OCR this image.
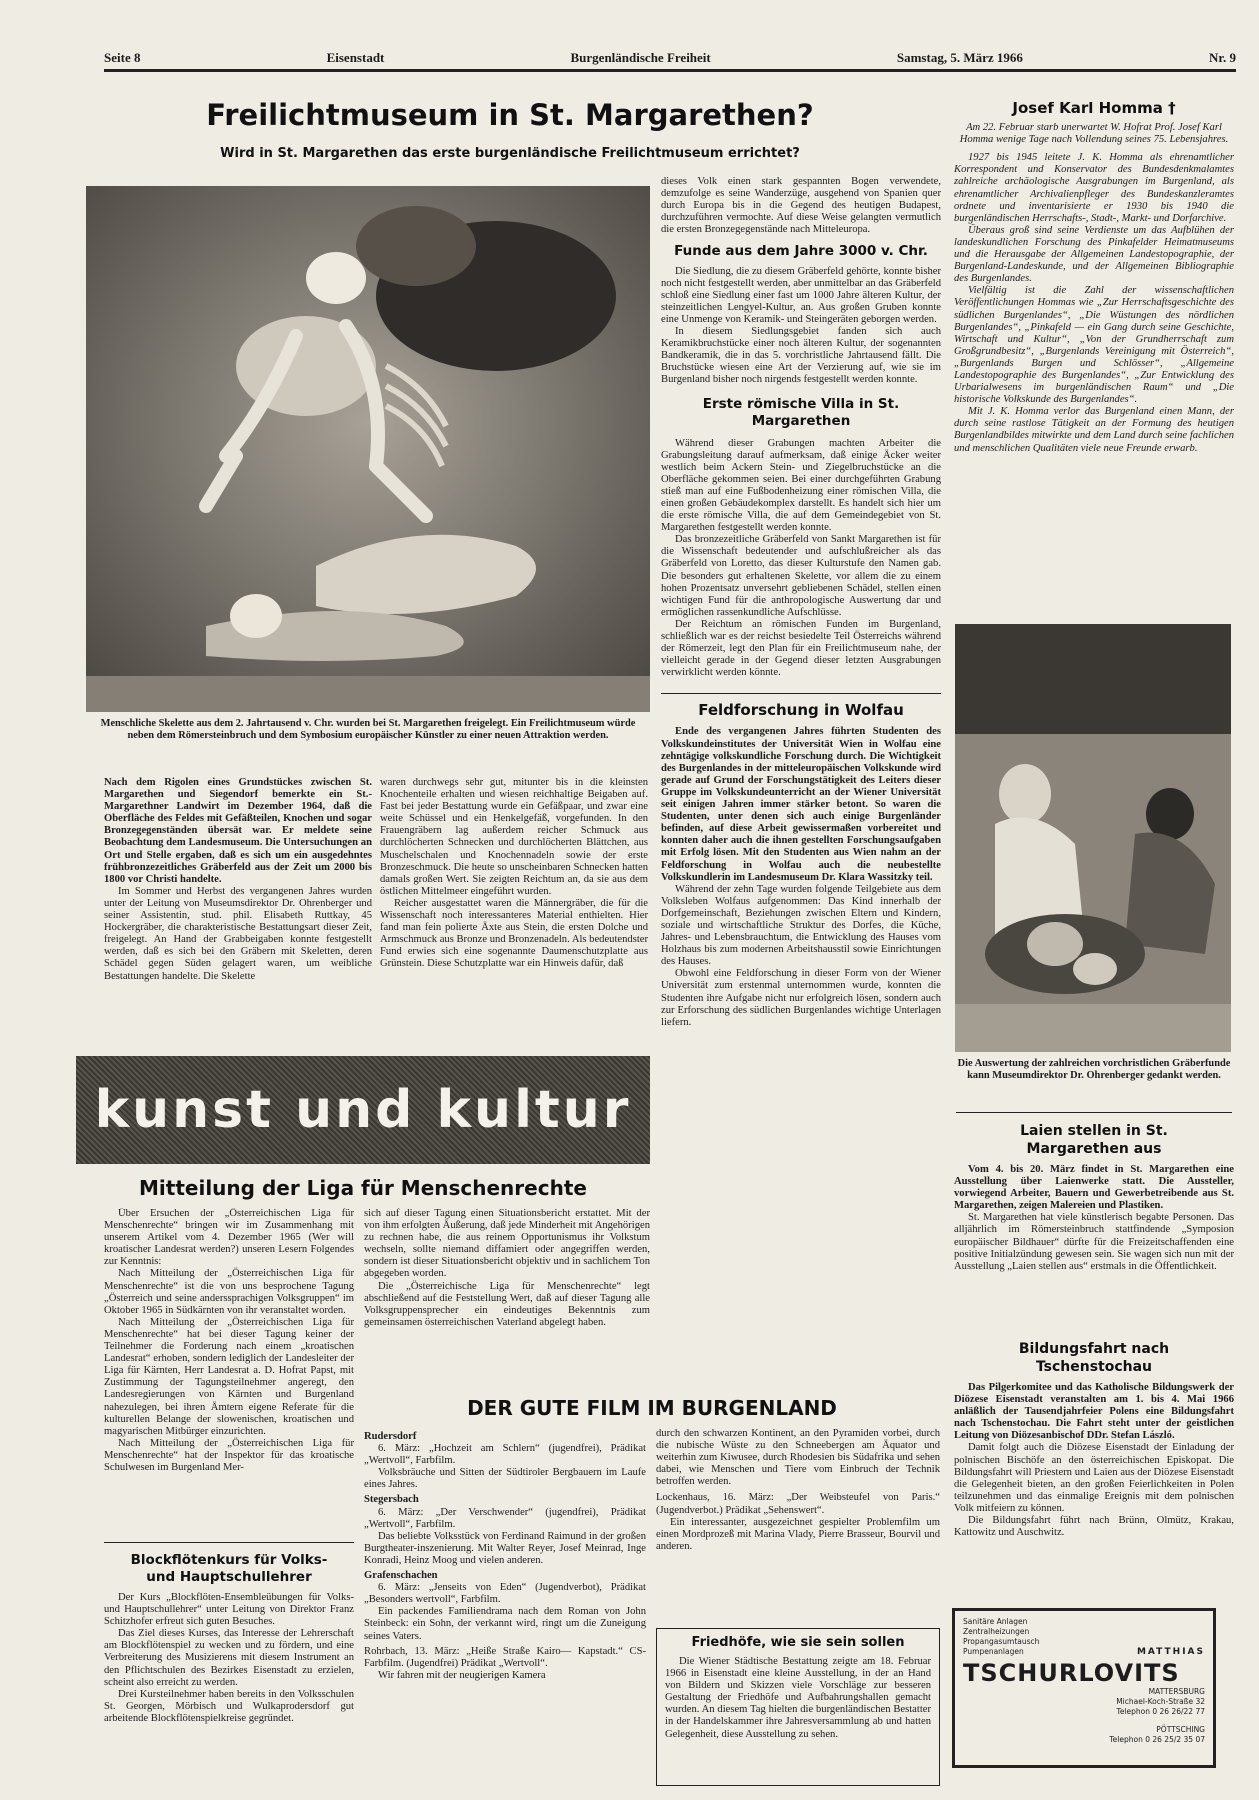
Seite 8	Eisenstadt	Burgenländische Freiheit	Samstag, 5. März 1966	Nr. 9
Freilichtmuseum in St. Margarethen?
Wird in St. Margarethen das erste burgenländische Freilichtmuseum errichtet?
Menschliche Skelette aus dem 2. Jahrtausend v. Chr. wurden bei St. Margarethen freigelegt. Ein Freilichtmuseum würde neben dem Römersteinbruch und dem Symbosium europäischer Künstler zu einer neuen Attraktion werden.

Nach dem Rigolen eines Grundstückes zwischen St. Margarethen und Siegendorf bemerkte ein St.-Margarethner Landwirt im Dezember 1964, daß die Oberfläche des Feldes mit Gefäßteilen, Knochen und sogar Bronzegegenständen übersät war. Er meldete seine Beobachtung dem Landesmuseum. Die Untersuchungen an Ort und Stelle ergaben, daß es sich um ein ausgedehntes frühbronzezeitliches Gräberfeld aus der Zeit um 2000 bis 1800 vor Christi handelte.

Im Sommer und Herbst des vergangenen Jahres wurden unter der Leitung von Museumsdirektor Dr. Ohrenberger und seiner Assistentin, stud. phil. Elisabeth Ruttkay, 45 Hockergräber, die charakteristische Bestattungsart dieser Zeit, freigelegt. An Hand der Grabbeigaben konnte festgestellt werden, daß es sich bei den Gräbern mit Skeletten, deren Schädel gegen Süden gelagert waren, um weibliche Bestattungen handelte. Die Skelette

waren durchwegs sehr gut, mitunter bis in die kleinsten Knochenteile erhalten und wiesen reichhaltige Beigaben auf. Fast bei jeder Bestattung wurde ein Gefäßpaar, und zwar eine weite Schüssel und ein Henkelgefäß, vorgefunden. In den Frauengräbern lag außerdem reicher Schmuck aus durchlöcherten Schnecken und durchlöcherten Blättchen, aus Muschelschalen und Knochennadeln sowie der erste Bronzeschmuck. Die heute so unscheinbaren Schnecken hatten damals großen Wert. Sie zeigten Reichtum an, da sie aus dem östlichen Mittelmeer eingeführt wurden.

Reicher ausgestattet waren die Männergräber, die für die Wissenschaft noch interessanteres Material enthielten. Hier fand man fein polierte Äxte aus Stein, die ersten Dolche und Armschmuck aus Bronze und Bronzenadeln. Als bedeutendster Fund erwies sich eine sogenannte Daumenschutzplatte aus Grünstein. Diese Schutzplatte war ein Hinweis dafür, daß

dieses Volk einen stark gespannten Bogen verwendete, demzufolge es seine Wanderzüge, ausgehend von Spanien quer durch Europa bis in die Gegend des heutigen Budapest, durchzuführen vermochte. Auf diese Weise gelangten vermutlich die ersten Bronzegegenstände nach Mitteleuropa.

Funde aus dem Jahre 3000 v. Chr.

Die Siedlung, die zu diesem Gräberfeld gehörte, konnte bisher noch nicht festgestellt werden, aber unmittelbar an das Gräberfeld schloß eine Siedlung einer fast um 1000 Jahre älteren Kultur, der steinzeitlichen Lengyel-Kultur, an. Aus großen Gruben konnte eine Unmenge von Keramik- und Steingeräten geborgen werden.

In diesem Siedlungsgebiet fanden sich auch Keramikbruchstücke einer noch älteren Kultur, der sogenannten Bandkeramik, die in das 5. vorchristliche Jahrtausend fällt. Die Bruchstücke wiesen eine Art der Verzierung auf, wie sie im Burgenland bisher noch nirgends festgestellt werden konnte.

Erste römische Villa in St. Margarethen

Während dieser Grabungen machten Arbeiter die Grabungsleitung darauf aufmerksam, daß einige Äcker weiter westlich beim Ackern Stein- und Ziegelbruchstücke an die Oberfläche gekommen seien. Bei einer durchgeführten Grabung stieß man auf eine Fußbodenheizung einer römischen Villa, die einen großen Gebäudekomplex darstellt. Es handelt sich hier um die erste römische Villa, die auf dem Gemeindegebiet von St. Margarethen festgestellt werden konnte.

Das bronzezeitliche Gräberfeld von Sankt Margarethen ist für die Wissenschaft bedeutender und aufschlußreicher als das Gräberfeld von Loretto, das dieser Kulturstufe den Namen gab. Die besonders gut erhaltenen Skelette, vor allem die zu einem hohen Prozentsatz unversehrt gebliebenen Schädel, stellen einen wichtigen Fund für die anthropologische Auswertung dar und ermöglichen rassenkundliche Aufschlüsse.

Der Reichtum an römischen Funden im Burgenland, schließlich war es der reichst besiedelte Teil Österreichs während der Römerzeit, legt den Plan für ein Freilichtmuseum nahe, der vielleicht gerade in der Gegend dieser letzten Ausgrabungen verwirklicht werden könnte.

Feldforschung in Wolfau

Ende des vergangenen Jahres führten Studenten des Volkskundeinstitutes der Universität Wien in Wolfau eine zehntägige volkskundliche Forschung durch. Die Wichtigkeit des Burgenlandes in der mitteleuropäischen Volkskunde wird gerade auf Grund der Forschungstätigkeit des Leiters dieser Gruppe im Volkskundeunterricht an der Wiener Universität seit einigen Jahren immer stärker betont. So waren die Studenten, unter denen sich auch einige Burgenländer befinden, auf diese Arbeit gewissermaßen vorbereitet und konnten daher auch die ihnen gestellten Forschungsaufgaben mit Erfolg lösen. Mit den Studenten aus Wien nahm an der Feldforschung in Wolfau auch die neubestellte Volkskundlerin im Landesmuseum Dr. Klara Wassitzky teil.

Während der zehn Tage wurden folgende Teilgebiete aus dem Volksleben Wolfaus aufgenommen: Das Kind innerhalb der Dorfgemeinschaft, Beziehungen zwischen Eltern und Kindern, soziale und wirtschaftliche Struktur des Dorfes, die Küche, Jahres- und Lebensbrauchtum, die Entwicklung des Hauses vom Holzhaus bis zum modernen Arbeitshausstil sowie Einrichtungen des Hauses.

Obwohl eine Feldforschung in dieser Form von der Wiener Universität zum erstenmal unternommen wurde, konnten die Studenten ihre Aufgabe nicht nur erfolgreich lösen, sondern auch zur Erforschung des südlichen Burgenlandes wichtige Unterlagen liefern.

Josef Karl Homma †

Am 22. Februar starb unerwartet W. Hofrat Prof. Josef Karl Homma wenige Tage nach Vollendung seines 75. Lebensjahres.

1927 bis 1945 leitete J. K. Homma als ehrenamtlicher Korrespondent und Konservator des Bundesdenkmalamtes zahlreiche archäologische Ausgrabungen im Burgenland, als ehrenamtlicher Archivalienpfleger des Bundeskanzleramtes ordnete und inventarisierte er 1930 bis 1940 die burgenländischen Herrschafts-, Stadt-, Markt- und Dorfarchive.

Überaus groß sind seine Verdienste um das Aufblühen der landeskundlichen Forschung des Pinkafelder Heimatmuseums und die Herausgabe der Allgemeinen Landestopographie, der Burgenland-Landeskunde, und der Allgemeinen Bibliographie des Burgenlandes.

Vielfältig ist die Zahl der wissenschaftlichen Veröffentlichungen Hommas wie „Zur Herrschaftsgeschichte des südlichen Burgenlandes“, „Die Wüstungen des nördlichen Burgenlandes“, „Pinkafeld — ein Gang durch seine Geschichte, Wirtschaft und Kultur“, „Von der Grundherrschaft zum Großgrundbesitz“, „Burgenlands Vereinigung mit Österreich“, „Burgenlands Burgen und Schlösser“, „Allgemeine Landestopographie des Burgenlandes“, „Zur Entwicklung des Urbarialwesens im burgenländischen Raum“ und „Die historische Volkskunde des Burgenlandes“.

Mit J. K. Homma verlor das Burgenland einen Mann, der durch seine rastlose Tätigkeit an der Formung des heutigen Burgenlandbildes mitwirkte und dem Land durch seine fachlichen und menschlichen Qualitäten viele neue Freunde erwarb.

Die Auswertung der zahlreichen vorchristlichen Gräberfunde kann Museumdirektor Dr. Ohrenberger gedankt werden.
Laien stellen in St. Margarethen aus

Vom 4. bis 20. März findet in St. Margarethen eine Ausstellung über Laienwerke statt. Die Aussteller, vorwiegend Arbeiter, Bauern und Gewerbetreibende aus St. Margarethen, zeigen Malereien und Plastiken.

St. Margarethen hat viele künstlerisch begabte Personen. Das alljährlich im Römersteinbruch stattfindende „Symposion europäischer Bildhauer“ dürfte für die Freizeitschaffenden eine positive Initialzündung gewesen sein. Sie wagen sich nun mit der Ausstellung „Laien stellen aus“ erstmals in die Öffentlichkeit.

Bildungsfahrt nach Tschenstochau

Das Pilgerkomitee und das Katholische Bildungswerk der Diözese Eisenstadt veranstalten am 1. bis 4. Mai 1966 anläßlich der Tausendjahrfeier Polens eine Bildungsfahrt nach Tschenstochau. Die Fahrt steht unter der geistlichen Leitung von Diözesanbischof DDr. Stefan László.

Damit folgt auch die Diözese Eisenstadt der Einladung der polnischen Bischöfe an den österreichischen Episkopat. Die Bildungsfahrt will Priestern und Laien aus der Diözese Eisenstadt die Gelegenheit bieten, an den großen Feierlichkeiten in Polen teilzunehmen und das einmalige Ereignis mit dem polnischen Volk mitfeiern zu können.

Die Bildungsfahrt führt nach Brünn, Olmütz, Krakau, Kattowitz und Auschwitz.

Sanitäre Anlagen
Zentralheizungen
Propangasumtausch
Pumpenanlagen	MATTHIAS
TSCHURLOVITS
MATTERSBURG
Michael-Koch-Straße 32
Telephon 0 26 26/22 77
PÖTTSCHING
Telephon 0 26 25/2 35 07
kunst und kultur
Mitteilung der Liga für Menschenrechte

Über Ersuchen der „Österreichischen Liga für Menschenrechte“ bringen wir im Zusammenhang mit unserem Artikel vom 4. Dezember 1965 (Wer will kroatischer Landesrat werden?) unseren Lesern Folgendes zur Kenntnis:

Nach Mitteilung der „Österreichischen Liga für Menschenrechte“ ist die von uns besprochene Tagung „Österreich und seine anderssprachigen Volksgruppen“ im Oktober 1965 in Südkärnten von ihr veranstaltet worden.

Nach Mitteilung der „Österreichischen Liga für Menschenrechte“ hat bei dieser Tagung keiner der Teilnehmer die Forderung nach einem „kroatischen Landesrat“ erhoben, sondern lediglich der Landesleiter der Liga für Kärnten, Herr Landesrat a. D. Hofrat Papst, mit Zustimmung der Tagungsteilnehmer angeregt, den Landesregierungen von Kärnten und Burgenland nahezulegen, bei ihren Ämtern eigene Referate für die kulturellen Belange der slowenischen, kroatischen und magyarischen Mitbürger einzurichten.

Nach Mitteilung der „Österreichischen Liga für Menschenrechte“ hat der Inspektor für das kroatische Schulwesen im Burgenland Mer-

sich auf dieser Tagung einen Situationsbericht erstattet. Mit der von ihm erfolgten Äußerung, daß jede Minderheit mit Angehörigen zu rechnen habe, die aus reinem Opportunismus ihr Volkstum wechseln, sollte niemand diffamiert oder angegriffen werden, sondern ist dieser Situationsbericht objektiv und in sachlichem Ton abgegeben worden.

Die „Österreichische Liga für Menschenrechte“ legt abschließend auf die Feststellung Wert, daß auf dieser Tagung alle Volksgruppensprecher ein eindeutiges Bekenntnis zum gemeinsamen österreichischen Vaterland abgelegt haben.

Blockflötenkurs für Volks- und Hauptschullehrer

Der Kurs „Blockflöten-Ensembleübungen für Volks- und Hauptschullehrer“ unter Leitung von Direktor Franz Schitzhofer erfreut sich guten Besuches.

Das Ziel dieses Kurses, das Interesse der Lehrerschaft am Blockflötenspiel zu wecken und zu fördern, und eine Verbreiterung des Musizierens mit diesem Instrument an den Pflichtschulen des Bezirkes Eisenstadt zu erzielen, scheint also erreicht zu werden.

Drei Kursteilnehmer haben bereits in den Volksschulen St. Georgen, Mörbisch und Wulkaprodersdorf gut arbeitende Blockflötenspielkreise gegründet.

DER GUTE FILM IM BURGENLAND

Rudersdorf

6. März: „Hochzeit am Schlern“ (jugendfrei), Prädikat „Wertvoll“, Farbfilm.

Volksbräuche und Sitten der Südtiroler Bergbauern im Laufe eines Jahres.

Stegersbach

6. März: „Der Verschwender“ (jugendfrei), Prädikat „Wertvoll“, Farbfilm.

Das beliebte Volksstück von Ferdinand Raimund in der großen Burgtheater-inszenierung. Mit Walter Reyer, Josef Meinrad, Inge Konradi, Heinz Moog und vielen anderen.

Grafenschachen

6. März: „Jenseits von Eden“ (Jugendverbot), Prädikat „Besonders wertvoll“, Farbfilm.

Ein packendes Familiendrama nach dem Roman von John Steinbeck: ein Sohn, der verkannt wird, ringt um die Zuneigung seines Vaters.

Rohrbach, 13. März: „Heiße Straße Kairo— Kapstadt.“ CS-Farbfilm. (Jugendfrei) Prädikat „Wertvoll“.

Wir fahren mit der neugierigen Kamera

durch den schwarzen Kontinent, an den Pyramiden vorbei, durch die nubische Wüste zu den Schneebergen am Äquator und weiterhin zum Kiwusee, durch Rhodesien bis Südafrika und sehen dabei, wie Menschen und Tiere vom Einbruch der Technik betroffen werden.

Lockenhaus, 16. März: „Der Weibsteufel von Paris.“ (Jugendverbot.) Prädikat „Sehenswert“.

Ein interessanter, ausgezeichnet gespielter Problemfilm um einen Mordprozeß mit Marina Vlady, Pierre Brasseur, Bourvil und anderen.

Friedhöfe, wie sie sein sollen

Die Wiener Städtische Bestattung zeigte am 18. Februar 1966 in Eisenstadt eine kleine Ausstellung, in der an Hand von Bildern und Skizzen viele Vorschläge zur besseren Gestaltung der Friedhöfe und Aufbahrungshallen gemacht wurden. An diesem Tag hielten die burgenländischen Bestatter in der Handelskammer ihre Jahresversammlung ab und hatten Gelegenheit, diese Ausstellung zu sehen.
